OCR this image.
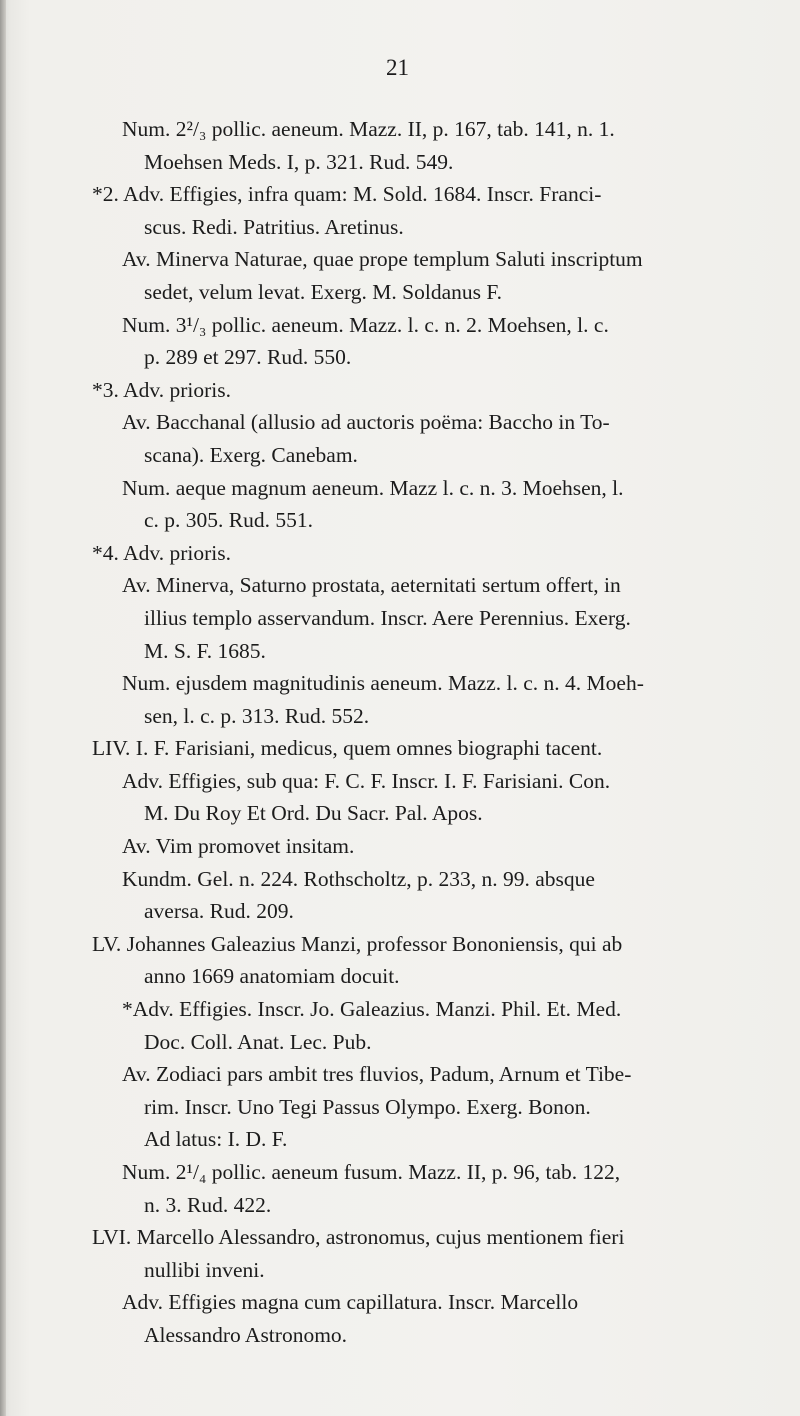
21
Num. 2²/₃ pollic. aeneum. Mazz. II, p. 167, tab. 141, n. 1.
Moehsen Meds. I, p. 321. Rud. 549.
*2. Adv. Effigies, infra quam: M. Sold. 1684. Inscr. Franci-
scus. Redi. Patritius. Aretinus.
Av. Minerva Naturae, quae prope templum Saluti inscriptum
sedet, velum levat. Exerg. M. Soldanus F.
Num. 3¹/₃ pollic. aeneum. Mazz. l. c. n. 2. Moehsen, l. c.
p. 289 et 297. Rud. 550.
*3. Adv. prioris.
Av. Bacchanal (allusio ad auctoris poëma: Baccho in To-
scana). Exerg. Canebam.
Num. aeque magnum aeneum. Mazz l. c. n. 3. Moehsen, l.
c. p. 305. Rud. 551.
*4. Adv. prioris.
Av. Minerva, Saturno prostata, aeternitati sertum offert, in
illius templo asservandum. Inscr. Aere Perennius. Exerg.
M. S. F. 1685.
Num. ejusdem magnitudinis aeneum. Mazz. l. c. n. 4. Moeh-
sen, l. c. p. 313. Rud. 552.
LIV. I. F. Farisiani, medicus, quem omnes biographi tacent.
Adv. Effigies, sub qua: F. C. F. Inscr. I. F. Farisiani. Con.
M. Du Roy Et Ord. Du Sacr. Pal. Apos.
Av. Vim promovet insitam.
Kundm. Gel. n. 224. Rothscholtz, p. 233, n. 99. absque
aversa. Rud. 209.
LV. Johannes Galeazius Manzi, professor Bononiensis, qui ab
anno 1669 anatomiam docuit.
*Adv. Effigies. Inscr. Jo. Galeazius. Manzi. Phil. Et. Med.
Doc. Coll. Anat. Lec. Pub.
Av. Zodiaci pars ambit tres fluvios, Padum, Arnum et Tibe-
rim. Inscr. Uno Tegi Passus Olympo. Exerg. Bonon.
Ad latus: I. D. F.
Num. 2¹/₄ pollic. aeneum fusum. Mazz. II, p. 96, tab. 122,
n. 3. Rud. 422.
LVI. Marcello Alessandro, astronomus, cujus mentionem fieri
nullibi inveni.
Adv. Effigies magna cum capillatura. Inscr. Marcello
Alessandro Astronomo.
